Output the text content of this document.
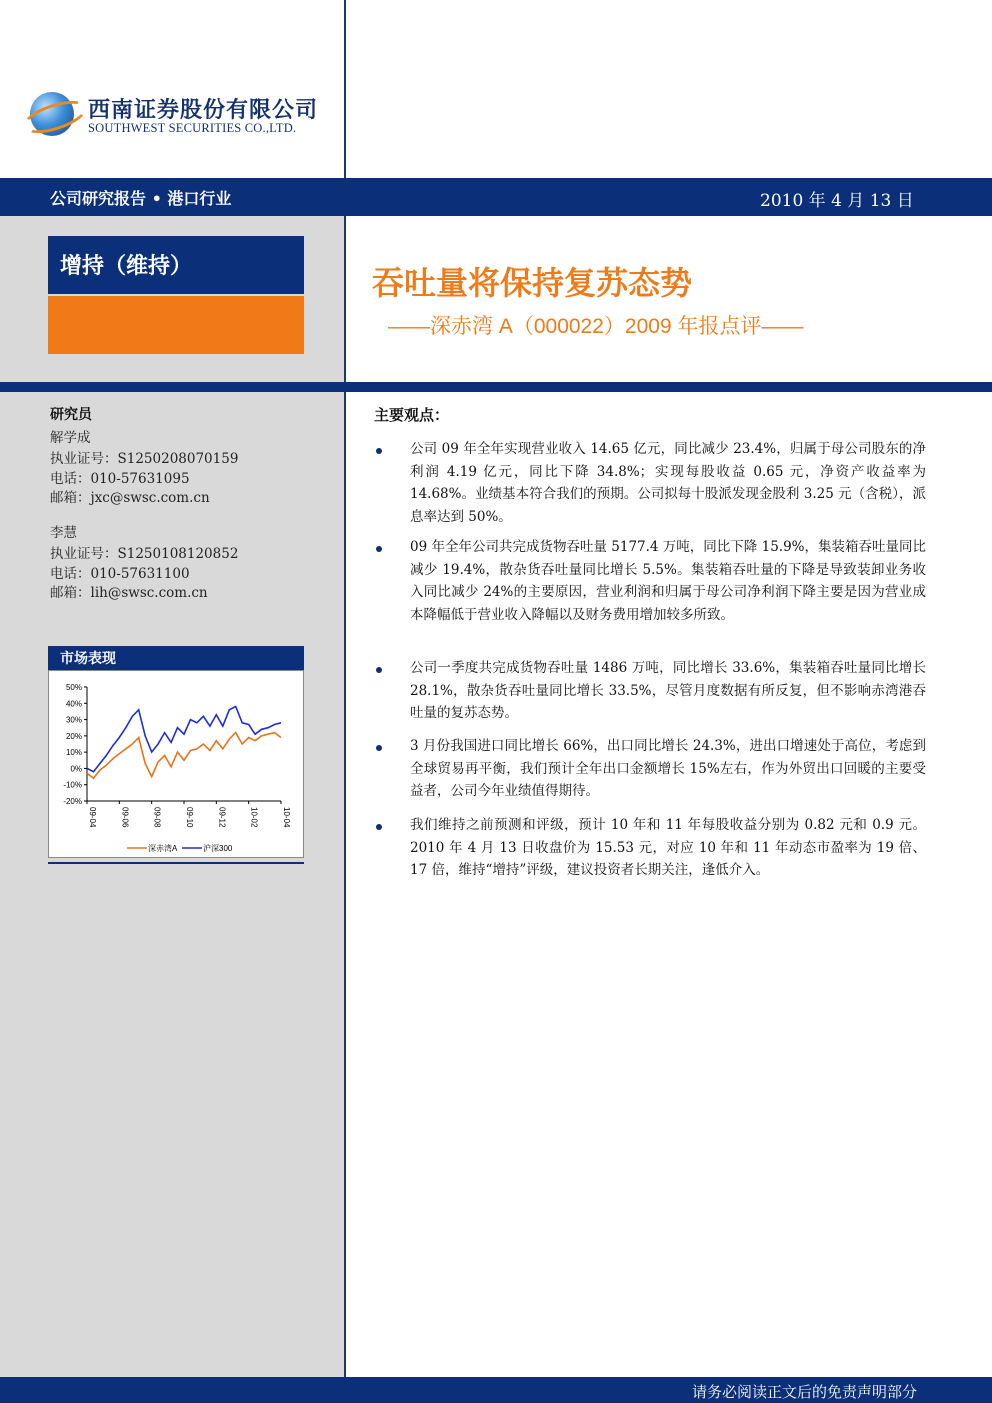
西南证券股份有限公司
SOUTHWEST SECURITIES CO.,LTD.
公司研究报告 • 港口行业	2010 年 4 月 13 日
增持（维持）	吞吐量将保持复苏态势
——深赤湾 A（000022）2009 年报点评——
研究员
解学成
执业证号：S1250208070159
电话：010-57631095
邮箱：jxc@swsc.com.cn
李慧
执业证号：S1250108120852
电话：010-57631100
邮箱：lih@swsc.com.cn
市场表现
50%
40%
30%
20%
10%
0%
-10%
-20%
09-04	09-06	09-08	09-10	09-12	10-02	10-04
深赤湾A	沪深300
主要观点：
公司 09 年全年实现营业收入 14.65 亿元，同比减少 23.4%，归属于母公司股东的净利润 4.19 亿元，同比下降 34.8%；实现每股收益 0.65 元，净资产收益率为 14.68%。业绩基本符合我们的预期。公司拟每十股派发现金股利 3.25 元（含税），派息率达到 50%。
09 年全年公司共完成货物吞吐量 5177.4 万吨，同比下降 15.9%，集装箱吞吐量同比减少 19.4%，散杂货吞吐量同比增长 5.5%。集装箱吞吐量的下降是导致装卸业务收入同比减少 24%的主要原因，营业利润和归属于母公司净利润下降主要是因为营业成本降幅低于营业收入降幅以及财务费用增加较多所致。
公司一季度共完成货物吞吐量 1486 万吨，同比增长 33.6%，集装箱吞吐量同比增长 28.1%，散杂货吞吐量同比增长 33.5%，尽管月度数据有所反复，但不影响赤湾港吞吐量的复苏态势。
3 月份我国进口同比增长 66%，出口同比增长 24.3%，进出口增速处于高位，考虑到全球贸易再平衡，我们预计全年出口金额增长 15%左右，作为外贸出口回暖的主要受益者，公司今年业绩值得期待。
我们维持之前预测和评级，预计 10 年和 11 年每股收益分别为 0.82 元和 0.9 元。2010 年 4 月 13 日收盘价为 15.53 元，对应 10 年和 11 年动态市盈率为 19 倍、17 倍，维持“增持”评级，建议投资者长期关注，逢低介入。
请务必阅读正文后的免责声明部分
